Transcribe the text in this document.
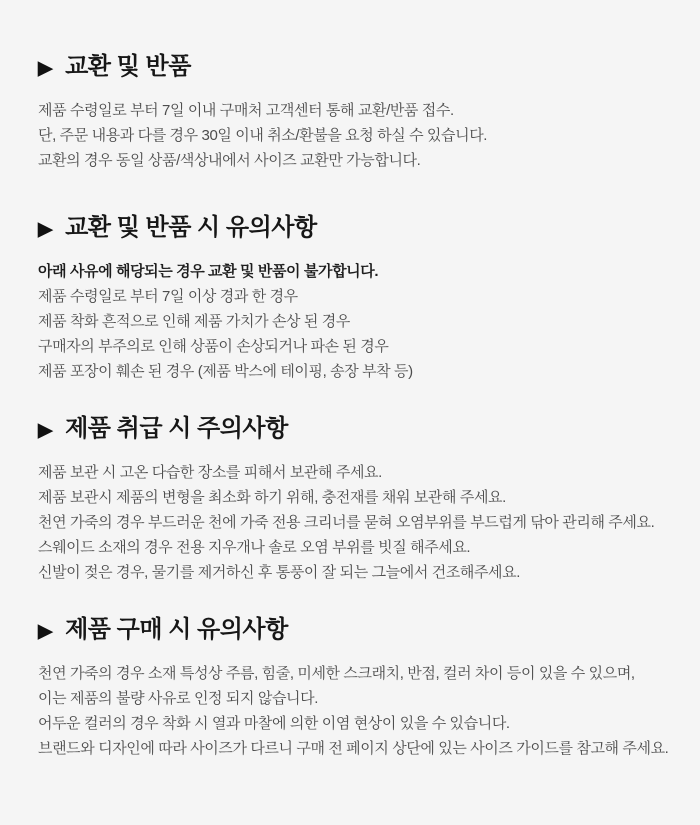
▶ 교환 및 반품
제품 수령일로 부터 7일 이내 구매처 고객센터 통해 교환/반품 접수.
단, 주문 내용과 다를 경우 30일 이내 취소/환불을 요청 하실 수 있습니다.
교환의 경우 동일 상품/색상내에서 사이즈 교환만 가능합니다.
▶ 교환 및 반품 시 유의사항
아래 사유에 해당되는 경우 교환 및 반품이 불가합니다.
제품 수령일로 부터 7일 이상 경과 한 경우
제품 착화 흔적으로 인해 제품 가치가 손상 된 경우
구매자의 부주의로 인해 상품이 손상되거나 파손 된 경우
제품 포장이 훼손 된 경우 (제품 박스에 테이핑, 송장 부착 등)
▶ 제품 취급 시 주의사항
제품 보관 시 고온 다습한 장소를 피해서 보관해 주세요.
제품 보관시 제품의 변형을 최소화 하기 위해, 충전재를 채워 보관해 주세요.
천연 가죽의 경우 부드러운 천에 가죽 전용 크리너를 묻혀 오염부위를 부드럽게 닦아 관리해 주세요.
스웨이드 소재의 경우 전용 지우개나 솔로 오염 부위를 빗질 해주세요.
신발이 젖은 경우, 물기를 제거하신 후 통풍이 잘 되는 그늘에서 건조해주세요.
▶ 제품 구매 시 유의사항
천연 가죽의 경우 소재 특성상 주름, 힘줄, 미세한 스크래치, 반점, 컬러 차이 등이 있을 수 있으며,
이는 제품의 불량 사유로 인정 되지 않습니다.
어두운 컬러의 경우 착화 시 열과 마찰에 의한 이염 현상이 있을 수 있습니다.
브랜드와 디자인에 따라 사이즈가 다르니 구매 전 페이지 상단에 있는 사이즈 가이드를 참고해 주세요.
